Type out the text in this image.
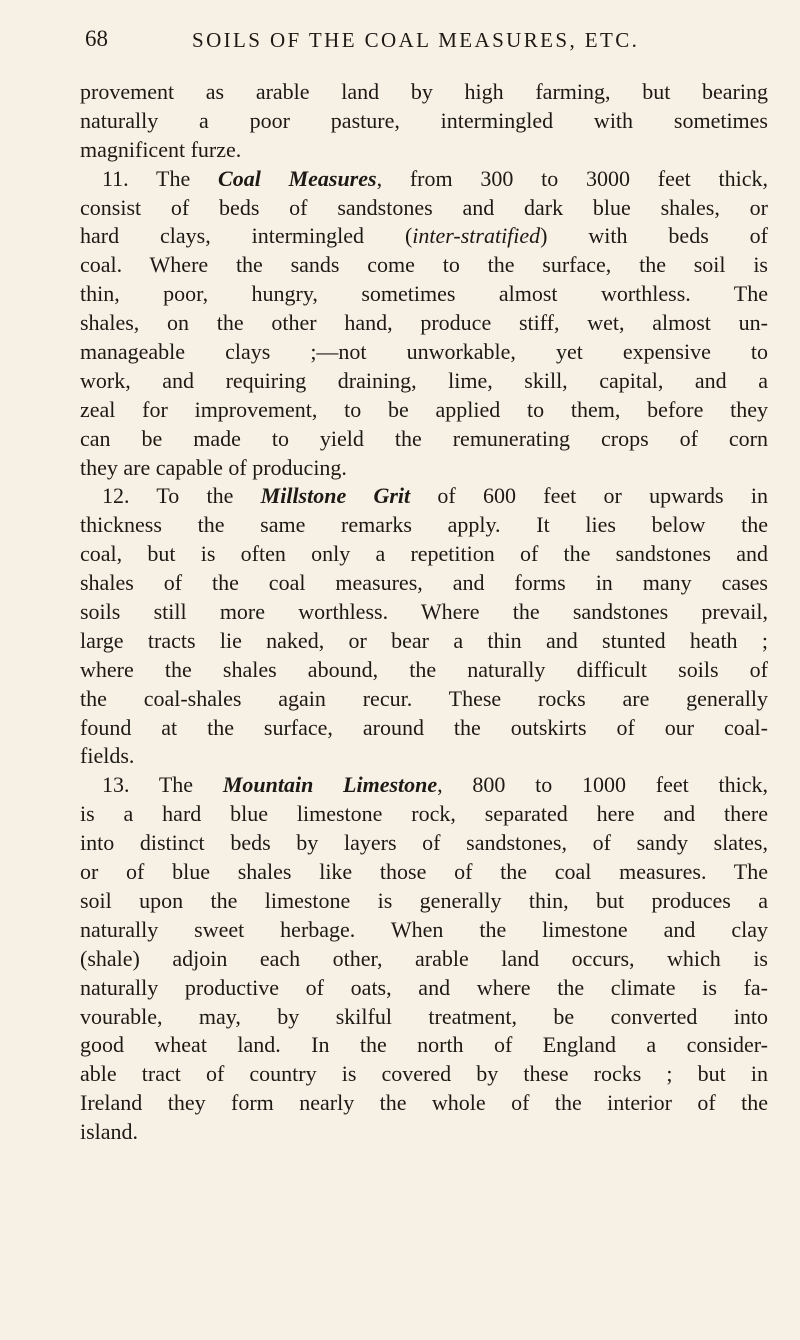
68	SOILS OF THE COAL MEASURES, ETC.
provement as arable land by high farming, but bearing
naturally a poor pasture, intermingled with sometimes
magnificent furze.
11. The Coal Measures, from 300 to 3000 feet thick,
consist of beds of sandstones and dark blue shales, or
hard clays, intermingled (inter-stratified) with beds of
coal. Where the sands come to the surface, the soil is
thin, poor, hungry, sometimes almost worthless. The
shales, on the other hand, produce stiff, wet, almost un-
manageable clays ;—not unworkable, yet expensive to
work, and requiring draining, lime, skill, capital, and a
zeal for improvement, to be applied to them, before they
can be made to yield the remunerating crops of corn
they are capable of producing.
12. To the Millstone Grit of 600 feet or upwards in
thickness the same remarks apply. It lies below the
coal, but is often only a repetition of the sandstones and
shales of the coal measures, and forms in many cases
soils still more worthless. Where the sandstones prevail,
large tracts lie naked, or bear a thin and stunted heath ;
where the shales abound, the naturally difficult soils of
the coal-shales again recur. These rocks are generally
found at the surface, around the outskirts of our coal-
fields.
13. The Mountain Limestone, 800 to 1000 feet thick,
is a hard blue limestone rock, separated here and there
into distinct beds by layers of sandstones, of sandy slates,
or of blue shales like those of the coal measures. The
soil upon the limestone is generally thin, but produces a
naturally sweet herbage. When the limestone and clay
(shale) adjoin each other, arable land occurs, which is
naturally productive of oats, and where the climate is fa-
vourable, may, by skilful treatment, be converted into
good wheat land. In the north of England a consider-
able tract of country is covered by these rocks ; but in
Ireland they form nearly the whole of the interior of the
island.
